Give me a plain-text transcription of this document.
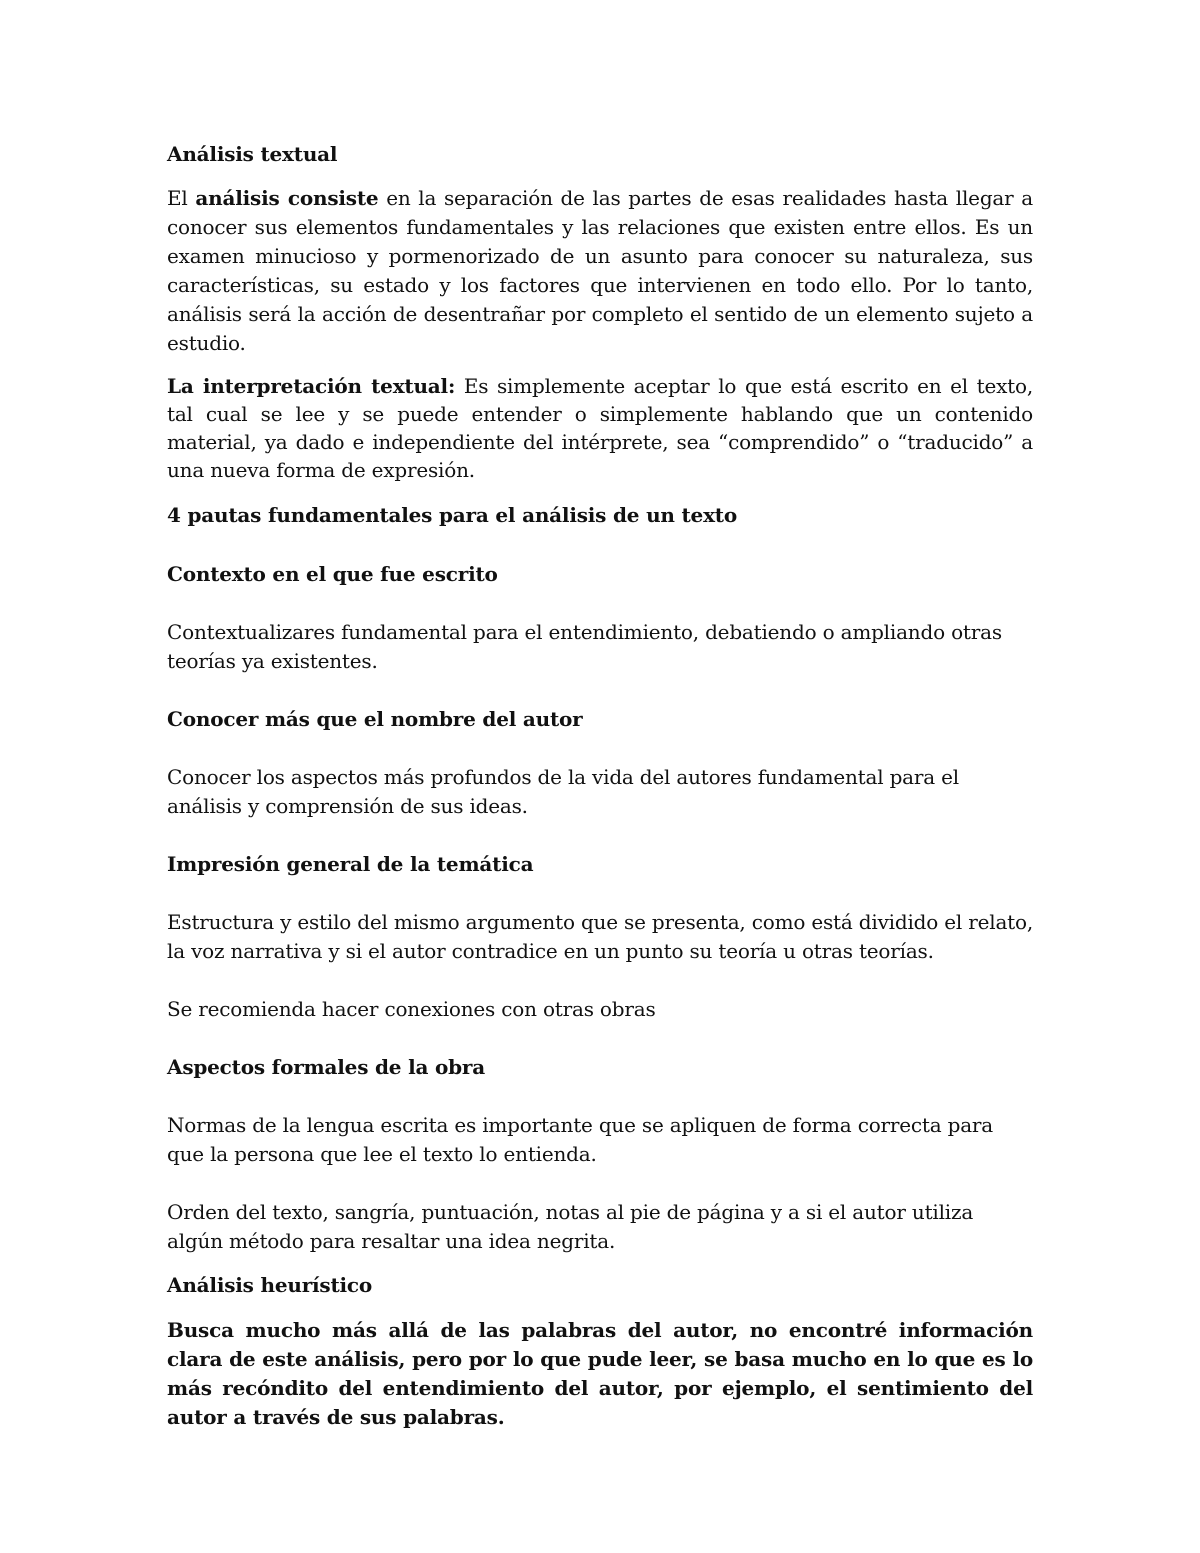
Análisis textual

El análisis consiste en la separación de las partes de esas realidades hasta llegar a conocer sus elementos fundamentales y las relaciones que existen entre ellos. Es un examen minucioso y pormenorizado de un asunto para conocer su naturaleza, sus características, su estado y los factores que intervienen en todo ello. Por lo tanto, análisis será la acción de desentrañar por completo el sentido de un elemento sujeto a estudio.

La interpretación textual: Es simplemente aceptar lo que está escrito en el texto, tal cual se lee y se puede entender o simplemente hablando que un contenido material, ya dado e independiente del intérprete, sea “comprendido” o “traducido” a una nueva forma de expresión.

4 pautas fundamentales para el análisis de un texto

Contexto en el que fue escrito

Contextualizares fundamental para el entendimiento, debatiendo o ampliando otras teorías ya existentes.

Conocer más que el nombre del autor

Conocer los aspectos más profundos de la vida del autores fundamental para el análisis y comprensión de sus ideas.

Impresión general de la temática

Estructura y estilo del mismo argumento que se presenta, como está dividido el relato, la voz narrativa y si el autor contradice en un punto su teoría u otras teorías.

Se recomienda hacer conexiones con otras obras

Aspectos formales de la obra

Normas de la lengua escrita es importante que se apliquen de forma correcta para que la persona que lee el texto lo entienda.

Orden del texto, sangría, puntuación, notas al pie de página y a si el autor utiliza algún método para resaltar una idea negrita.

Análisis heurístico

Busca mucho más allá de las palabras del autor, no encontré información clara de este análisis, pero por lo que pude leer, se basa mucho en lo que es lo más recóndito del entendimiento del autor, por ejemplo, el sentimiento del autor a través de sus palabras.
